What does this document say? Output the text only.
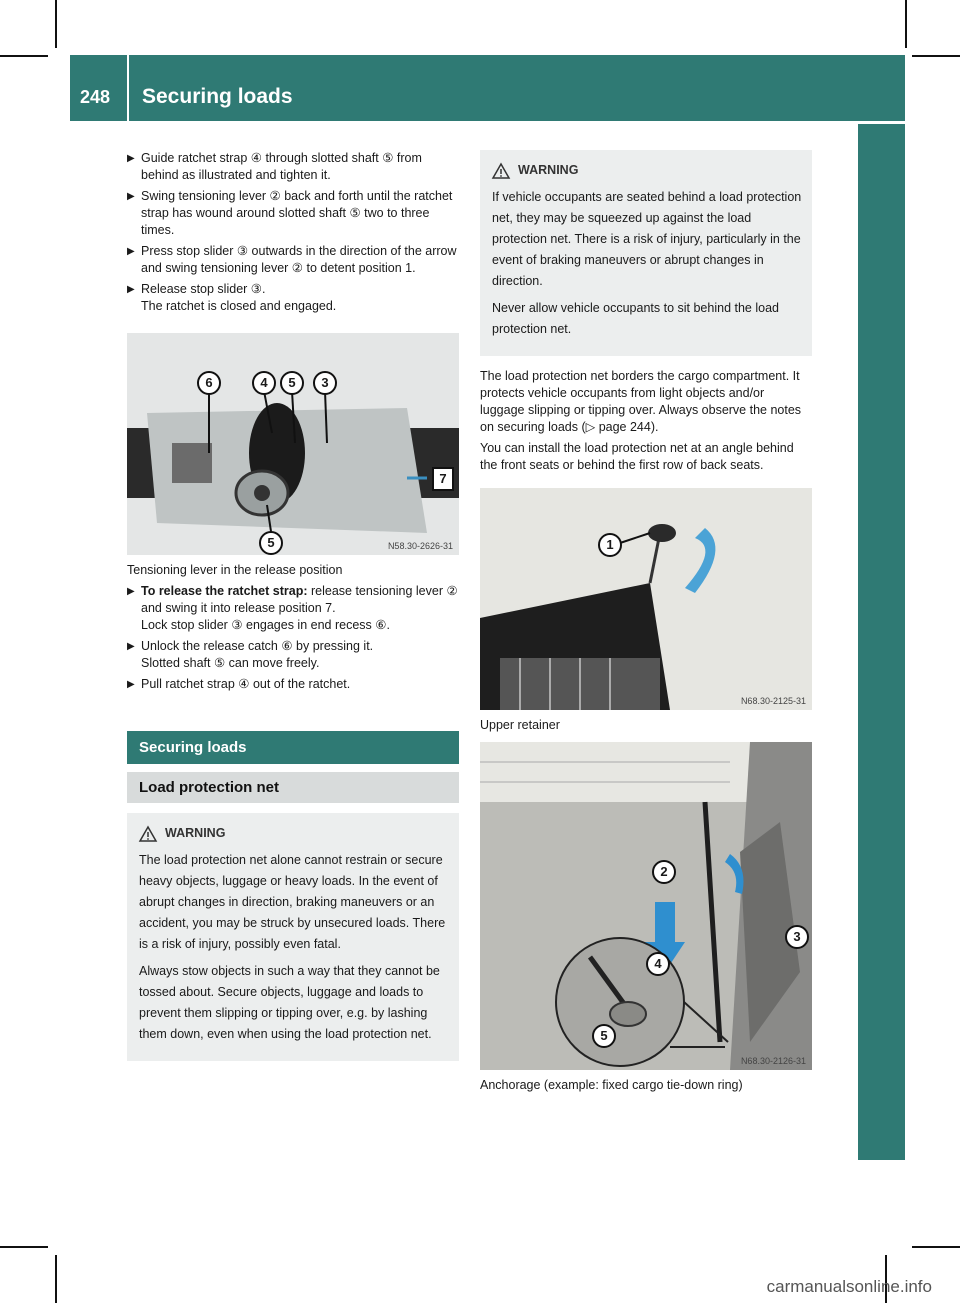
248 Securing loads
Transporting loads
▶ Guide ratchet strap ④ through slotted shaft ⑤ from behind as illustrated and tighten it.
▶ Swing tensioning lever ② back and forth until the ratchet strap has wound around slotted shaft ⑤ two to three times.
▶ Press stop slider ③ outwards in the direction of the arrow and swing tensioning lever ② to detent position 1.
▶ Release stop slider ③.
The ratchet is closed and engaged.
6	4	5	3
7
5	N58.30-2626-31
Tensioning lever in the release position
▶ To release the ratchet strap: release tensioning lever ② and swing it into release position 7.
Lock stop slider ③ engages in end recess ⑥.
▶ Unlock the release catch ⑥ by pressing it.
Slotted shaft ⑤ can move freely.
▶ Pull ratchet strap ④ out of the ratchet.
Securing loads
Load protection net
WARNING

The load protection net alone cannot restrain or secure heavy objects, luggage or heavy loads. In the event of abrupt changes in direction, braking maneuvers or an accident, you may be struck by unsecured loads. There is a risk of injury, possibly even fatal.

Always stow objects in such a way that they cannot be tossed about. Secure objects, luggage and loads to prevent them slipping or tipping over, e.g. by lashing them down, even when using the load protection net.

WARNING

If vehicle occupants are seated behind a load protection net, they may be squeezed up against the load protection net. There is a risk of injury, particularly in the event of braking maneuvers or abrupt changes in direction.

Never allow vehicle occupants to sit behind the load protection net.

The load protection net borders the cargo compartment. It protects vehicle occupants from light objects and/or luggage slipping or tipping over. Always observe the notes on securing loads (▷ page 244).

You can install the load protection net at an angle behind the front seats or behind the first row of back seats.

1
N68.30-2125-31
Upper retainer
2
3
4
5
N68.30-2126-31
Anchorage (example: fixed cargo tie-down ring)
carmanualsonline.info
